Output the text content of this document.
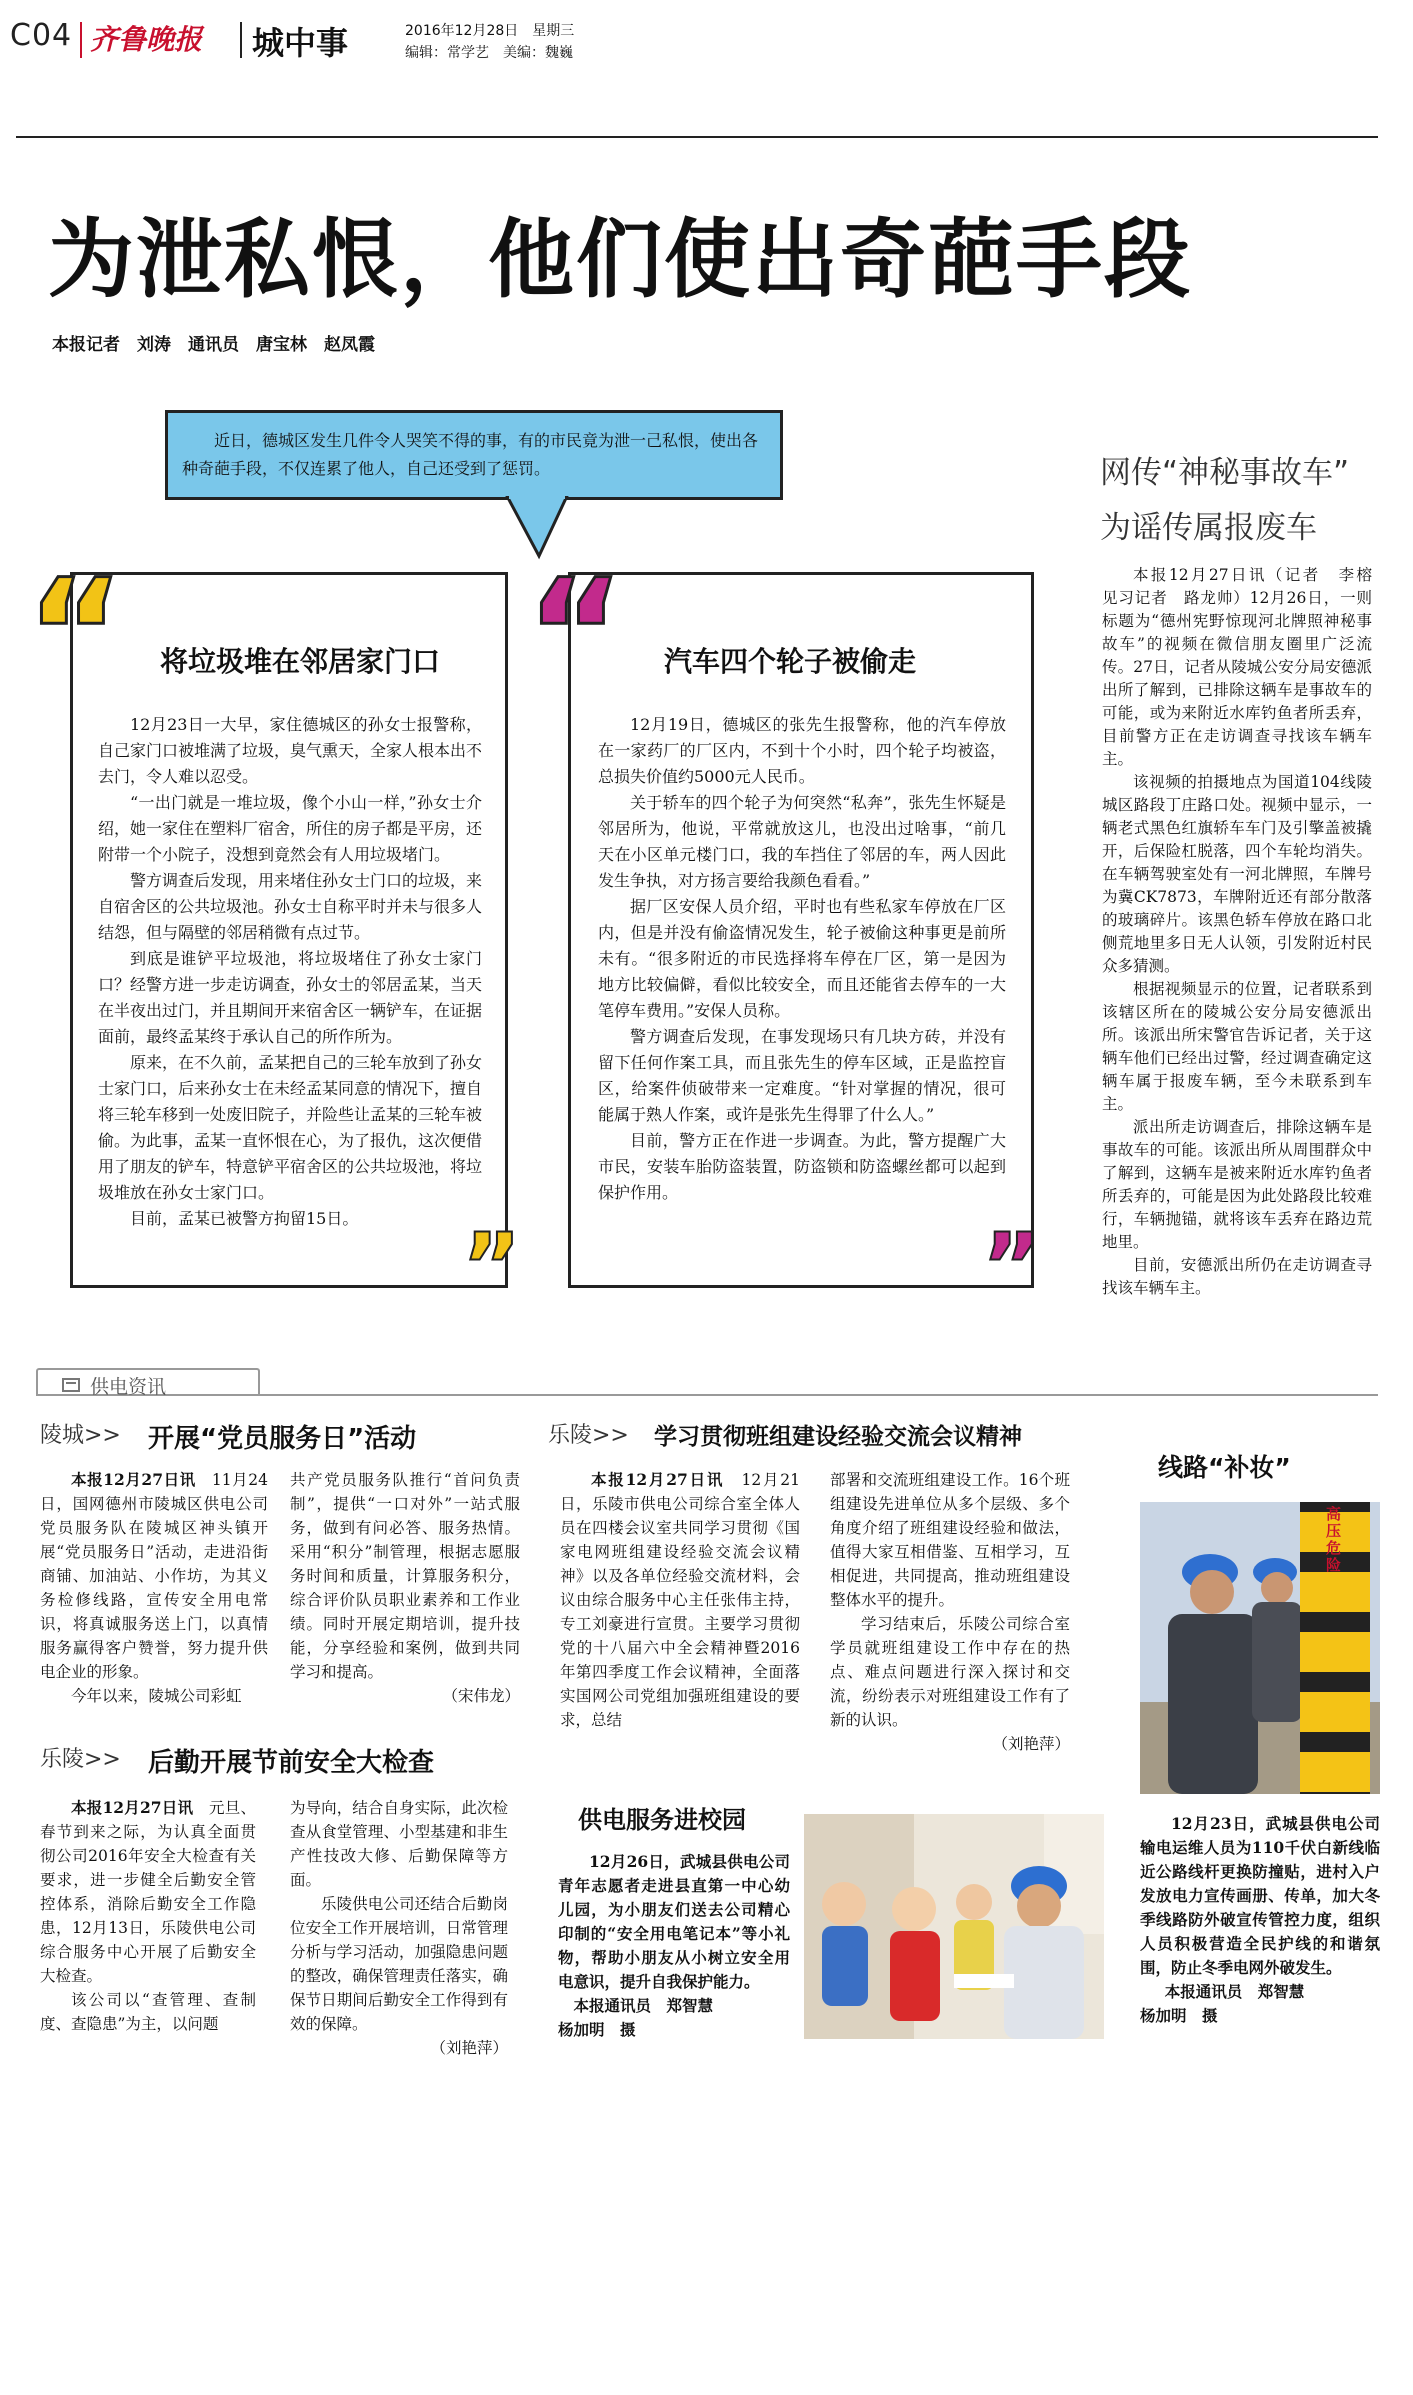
C04 齐鲁晚报 城中事	2016年12月28日　星期三
编辑：常学艺　美编：魏巍
为泄私恨，他们使出奇葩手段
本报记者　刘涛　通讯员　唐宝林　赵凤霞
近日，德城区发生几件令人哭笑不得的事，有的市民竟为泄一己私恨，使出各种奇葩手段，不仅连累了他人，自己还受到了惩罚。
“ 将垃圾堆在邻居家门口

12月23日一大早，家住德城区的孙女士报警称，自己家门口被堆满了垃圾，臭气熏天，全家人根本出不去门，令人难以忍受。

“一出门就是一堆垃圾，像个小山一样，”孙女士介绍，她一家住在塑料厂宿舍，所住的房子都是平房，还附带一个小院子，没想到竟然会有人用垃圾堵门。

警方调查后发现，用来堵住孙女士门口的垃圾，来自宿舍区的公共垃圾池。孙女士自称平时并未与很多人结怨，但与隔壁的邻居稍微有点过节。

到底是谁铲平垃圾池，将垃圾堵住了孙女士家门口？经警方进一步走访调查，孙女士的邻居孟某，当天在半夜出过门，并且期间开来宿舍区一辆铲车，在证据面前，最终孟某终于承认自己的所作所为。

原来，在不久前，孟某把自己的三轮车放到了孙女士家门口，后来孙女士在未经孟某同意的情况下，擅自将三轮车移到一处废旧院子，并险些让孟某的三轮车被偷。为此事，孟某一直怀恨在心，为了报仇，这次便借用了朋友的铲车，特意铲平宿舍区的公共垃圾池，将垃圾堆放在孙女士家门口。

目前，孟某已被警方拘留15日。	”
“ 汽车四个轮子被偷走

12月19日，德城区的张先生报警称，他的汽车停放在一家药厂的厂区内，不到十个小时，四个轮子均被盗，总损失价值约5000元人民币。

关于轿车的四个轮子为何突然“私奔”，张先生怀疑是邻居所为，他说，平常就放这儿，也没出过啥事，“前几天在小区单元楼门口，我的车挡住了邻居的车，两人因此发生争执，对方扬言要给我颜色看看。”

据厂区安保人员介绍，平时也有些私家车停放在厂区内，但是并没有偷盗情况发生，轮子被偷这种事更是前所未有。“很多附近的市民选择将车停在厂区，第一是因为地方比较偏僻，看似比较安全，而且还能省去停车的一大笔停车费用。”安保人员称。

警方调查后发现，在事发现场只有几块方砖，并没有留下任何作案工具，而且张先生的停车区域，正是监控盲区，给案件侦破带来一定难度。“针对掌握的情况，很可能属于熟人作案，或许是张先生得罪了什么人。”

目前，警方正在作进一步调查。为此，警方提醒广大市民，安装车胎防盗装置，防盗锁和防盗螺丝都可以起到保护作用。

”
网传“神秘事故车”
为谣传属报废车

本报12月27日讯（记者　李榕　见习记者　路龙帅）12月26日，一则标题为“德州宪野惊现河北牌照神秘事故车”的视频在微信朋友圈里广泛流传。27日，记者从陵城公安分局安德派出所了解到，已排除这辆车是事故车的可能，或为来附近水库钓鱼者所丢弃，目前警方正在走访调查寻找该车辆车主。

该视频的拍摄地点为国道104线陵城区路段丁庄路口处。视频中显示，一辆老式黑色红旗轿车车门及引擎盖被撬开，后保险杠脱落，四个车轮均消失。在车辆驾驶室处有一河北牌照，车牌号为冀CK7873，车牌附近还有部分散落的玻璃碎片。该黑色轿车停放在路口北侧荒地里多日无人认领，引发附近村民众多猜测。

根据视频显示的位置，记者联系到该辖区所在的陵城公安分局安德派出所。该派出所宋警官告诉记者，关于这辆车他们已经出过警，经过调查确定这辆车属于报废车辆，至今未联系到车主。

派出所走访调查后，排除这辆车是事故车的可能。该派出所从周围群众中了解到，这辆车是被来附近水库钓鱼者所丢弃的，可能是因为此处路段比较难行，车辆抛锚，就将该车丢弃在路边荒地里。

目前，安德派出所仍在走访调查寻找该车辆车主。

供电资讯
陵城>> 开展“党员服务日”活动

本报12月27日讯　 11月24日，国网德州市陵城区供电公司党员服务队在陵城区神头镇开展“党员服务日”活动，走进沿街商铺、加油站、小作坊，为其义务检修线路，宣传安全用电常识，将真诚服务送上门，以真情服务赢得客户赞誉，努力提升供电企业的形象。

今年以来，陵城公司彩虹

共产党员服务队推行“首问负责制”，提供“一口对外”一站式服务，做到有问必答、服务热情。采用“积分”制管理，根据志愿服务时间和质量，计算服务积分，综合评价队员职业素养和工作业绩。同时开展定期培训，提升技能，分享经验和案例，做到共同学习和提高。

（宋伟龙）

乐陵>> 学习贯彻班组建设经验交流会议精神

本报12月27日讯　 12月21日，乐陵市供电公司综合室全体人员在四楼会议室共同学习贯彻《国家电网班组建设经验交流会议精神》以及各单位经验交流材料，会议由综合服务中心主任张伟主持，专工刘豪进行宣贯。主要学习贯彻党的十八届六中全会精神暨2016年第四季度工作会议精神，全面落实国网公司党组加强班组建设的要求，总结

部署和交流班组建设工作。16个班组建设先进单位从多个层级、多个角度介绍了班组建设经验和做法，值得大家互相借鉴、互相学习，互相促进，共同提高，推动班组建设整体水平的提升。

学习结束后，乐陵公司综合室学员就班组建设工作中存在的热点、难点问题进行深入探讨和交流，纷纷表示对班组建设工作有了新的认识。

（刘艳萍）

乐陵>> 后勤开展节前安全大检查

本报12月27日讯　 元旦、春节到来之际，为认真全面贯彻公司2016年安全大检查有关要求，进一步健全后勤安全管控体系，消除后勤安全工作隐患，12月13日，乐陵供电公司综合服务中心开展了后勤安全大检查。

该公司以“查管理、查制度、查隐患”为主，以问题

为导向，结合自身实际，此次检查从食堂管理、小型基建和非生产性技改大修、后勤保障等方面。

乐陵供电公司还结合后勤岗位安全工作开展培训，日常管理分析与学习活动，加强隐患问题的整改，确保管理责任落实，确保节日期间后勤安全工作得到有效的保障。

（刘艳萍）

供电服务进校园

12月26日，武城县供电公司青年志愿者走进县直第一中心幼儿园，为小朋友们送去公司精心印制的“安全用电笔记本”等小礼物，帮助小朋友从小树立安全用电意识，提升自我保护能力。

本报通讯员　郑智慧

杨加明　摄

线路“补妆”
高压危险

12月23日，武城县供电公司输电运维人员为110千伏白新线临近公路线杆更换防撞贴，进村入户发放电力宣传画册、传单，加大冬季线路防外破宣传管控力度，组织人员积极营造全民护线的和谐氛围，防止冬季电网外破发生。

本报通讯员　郑智慧

杨加明　摄
